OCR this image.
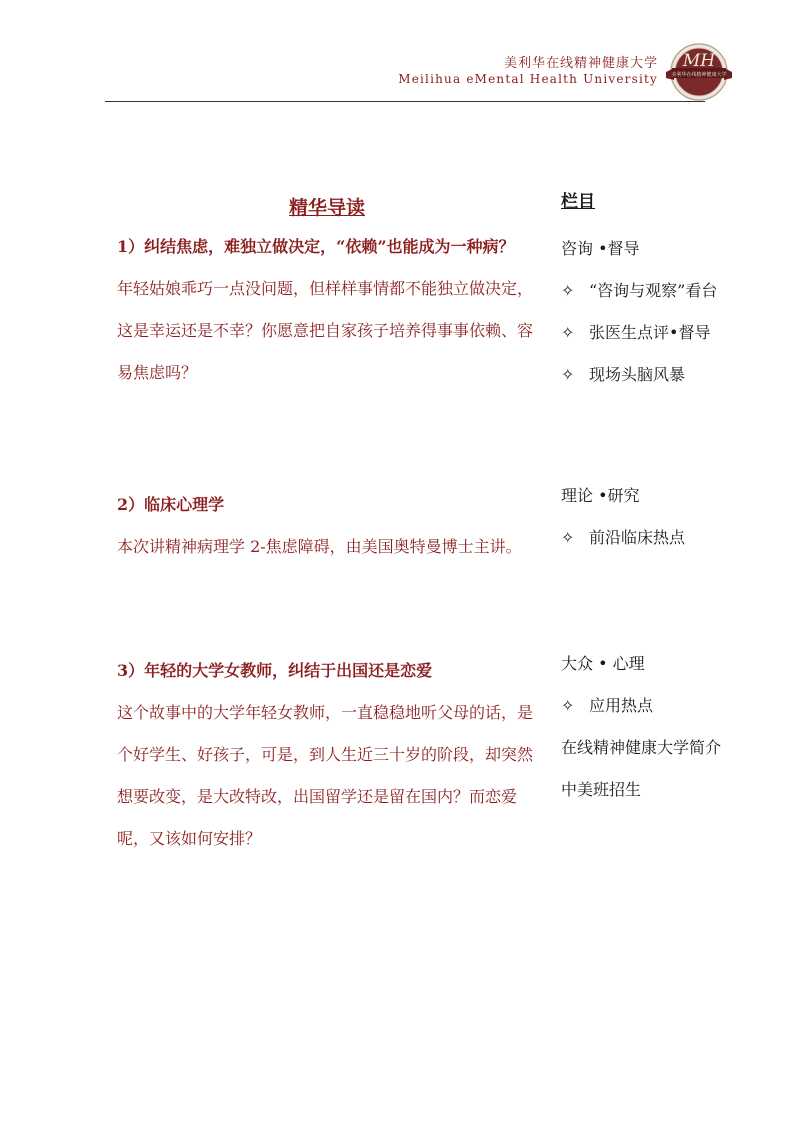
美利华在线精神健康大学
Meilihua eMental Health University
MH
美利华在线精神健康大学
精华导读

1）纠结焦虑，难独立做决定，“依赖”也能成为一种病？

年轻姑娘乖巧一点没问题，但样样事情都不能独立做决定，这是幸运还是不幸？你愿意把自家孩子培养得事事依赖、容易焦虑吗？

2）临床心理学

本次讲精神病理学 2-焦虑障碍，由美国奥特曼博士主讲。

3）年轻的大学女教师，纠结于出国还是恋爱

这个故事中的大学年轻女教师，一直稳稳地听父母的话，是个好学生、好孩子，可是，到人生近三十岁的阶段，却突然想要改变，是大改特改，出国留学还是留在国内？而恋爱呢，又该如何安排？

栏目
咨询 •督导
✧ “咨询与观察”看台
✧ 张医生点评•督导
✧ 现场头脑风暴
理论 •研究
✧ 前沿临床热点
大众 • 心理
✧ 应用热点
在线精神健康大学简介
中美班招生
